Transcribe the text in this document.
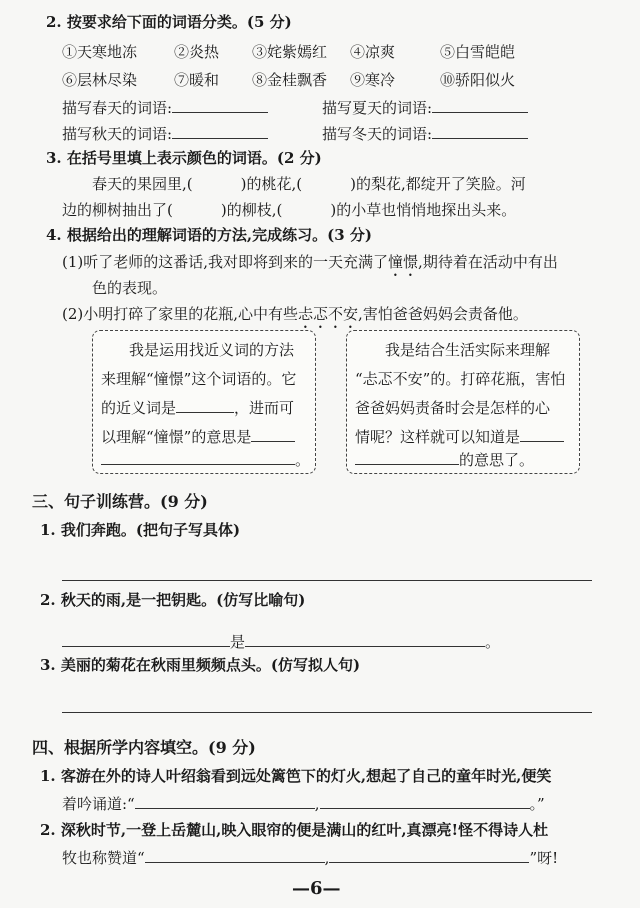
2. 按要求给下面的词语分类。(5 分)
①天寒地冻 ②炎热 ③姹紫嫣红 ④凉爽	⑤白雪皑皑
⑥层林尽染 ⑦暖和 ⑧金桂飘香 ⑨寒冷	⑩骄阳似火
描写春天的词语:	描写夏天的词语:
描写秋天的词语:	描写冬天的词语:
3. 在括号里填上表示颜色的词语。(2 分)
春天的果园里,(	)的桃花,(	)的梨花,都绽开了笑脸。河
边的柳树抽出了(	)的柳枝,(	)的小草也悄悄地探出头来。
4. 根据给出的理解词语的方法,完成练习。(3 分)
(1)听了老师的这番话,我对即将到来的一天充满了憧憬,期待着在活动中有出
色的表现。
(2)小明打碎了家里的花瓶,心中有些忐忑不安,害怕爸爸妈妈会责备他。
我是运用找近义词的方法
来理解“憧憬”这个词语的。它
的近义词是	，进而可
以理解“憧憬”的意思是
。
我是结合生活实际来理解
“忐忑不安”的。打碎花瓶，害怕
爸爸妈妈责备时会是怎样的心
情呢？这样就可以知道是
的意思了。
三、句子训练营。(9 分)
1. 我们奔跑。(把句子写具体)
2. 秋天的雨,是一把钥匙。(仿写比喻句)
是	。
3. 美丽的菊花在秋雨里频频点头。(仿写拟人句)
四、根据所学内容填空。(9 分)
1. 客游在外的诗人叶绍翁看到远处篱笆下的灯火,想起了自己的童年时光,便笑
着吟诵道:“	,	。”
2. 深秋时节,一登上岳麓山,映入眼帘的便是满山的红叶,真漂亮!怪不得诗人杜
牧也称赞道“	,	”呀!
—6—
